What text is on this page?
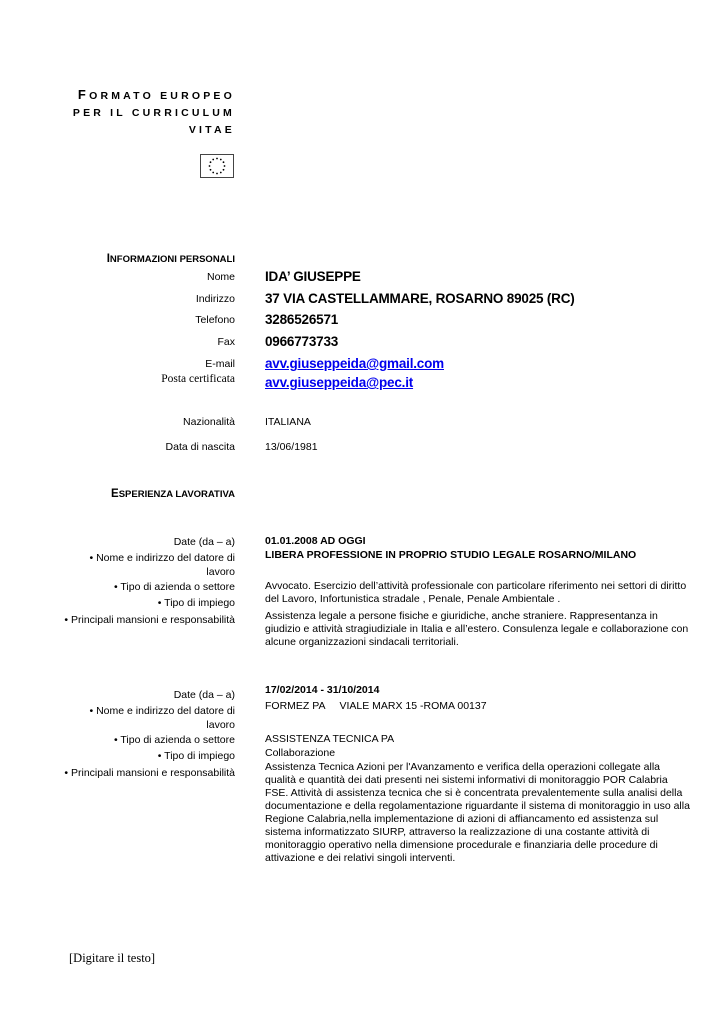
FORMATO EUROPEO
PER IL CURRICULUM
VITAE
INFORMAZIONI PERSONALI
Nome IDA’ GIUSEPPE
Indirizzo 37 VIA CASTELLAMMARE, ROSARNO 89025 (RC)
Telefono 3286526571
Fax 0966773733
E-mail avv.giuseppeida@gmail.com
Posta certificata avv.giuseppeida@pec.it
Nazionalità	ITALIANA
Data di nascita	13/06/1981
ESPERIENZA LAVORATIVA
Date (da – a)
• Nome e indirizzo del datore di
lavoro
• Tipo di azienda o settore
• Tipo di impiego
• Principali mansioni e responsabilità
01.01.2008 AD OGGI
LIBERA PROFESSIONE IN PROPRIO STUDIO LEGALE ROSARNO/MILANO
Avvocato. Esercizio dell’attività professionale con particolare riferimento nei settori di diritto del Lavoro, Infortunistica stradale , Penale, Penale Ambientale .
Assistenza legale a persone fisiche e giuridiche, anche straniere. Rappresentanza in giudizio e attività stragiudiziale in Italia e all’estero. Consulenza legale e collaborazione con alcune organizzazioni sindacali territoriali.
Date (da – a)
• Nome e indirizzo del datore di
lavoro
• Tipo di azienda o settore
• Tipo di impiego
• Principali mansioni e responsabilità
17/02/2014 - 31/10/2014
FORMEZ PA     VIALE MARX 15 -ROMA 00137
ASSISTENZA TECNICA PA
Collaborazione
Assistenza Tecnica Azioni per l'Avanzamento e verifica della operazioni collegate alla qualità e quantità dei dati presenti nei sistemi informativi di monitoraggio POR Calabria FSE. Attività di assistenza tecnica che si è concentrata prevalentemente sulla analisi della documentazione e della regolamentazione riguardante il sistema di monitoraggio in uso alla Regione Calabria,nella implementazione di azioni di affiancamento ed assistenza sul sistema informatizzato SIURP, attraverso la realizzazione di una costante attività di monitoraggio operativo nella dimensione procedurale e finanziaria delle procedure di attivazione e dei relativi singoli interventi.
[Digitare il testo]
